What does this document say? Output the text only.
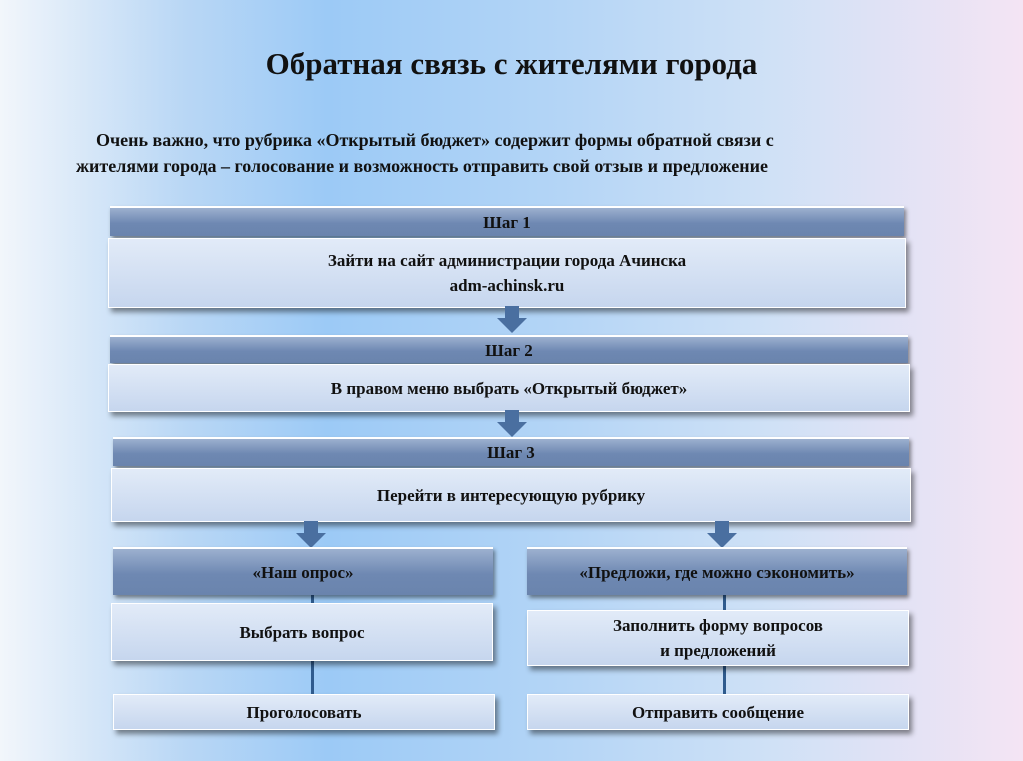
Обратная связь с жителями города
Очень важно, что рубрика «Открытый бюджет» содержит формы обратной связи с
жителями города – голосование и возможность отправить свой отзыв и предложение
Шаг 1
Зайти на сайт администрации города Ачинска
adm-achinsk.ru
Шаг 2
В правом меню выбрать «Открытый бюджет»
Шаг 3
Перейти в интересующую рубрику
«Наш опрос»
Выбрать вопрос
Проголосовать
«Предложи, где можно сэкономить»
Заполнить форму вопросов
и предложений
Отправить сообщение
